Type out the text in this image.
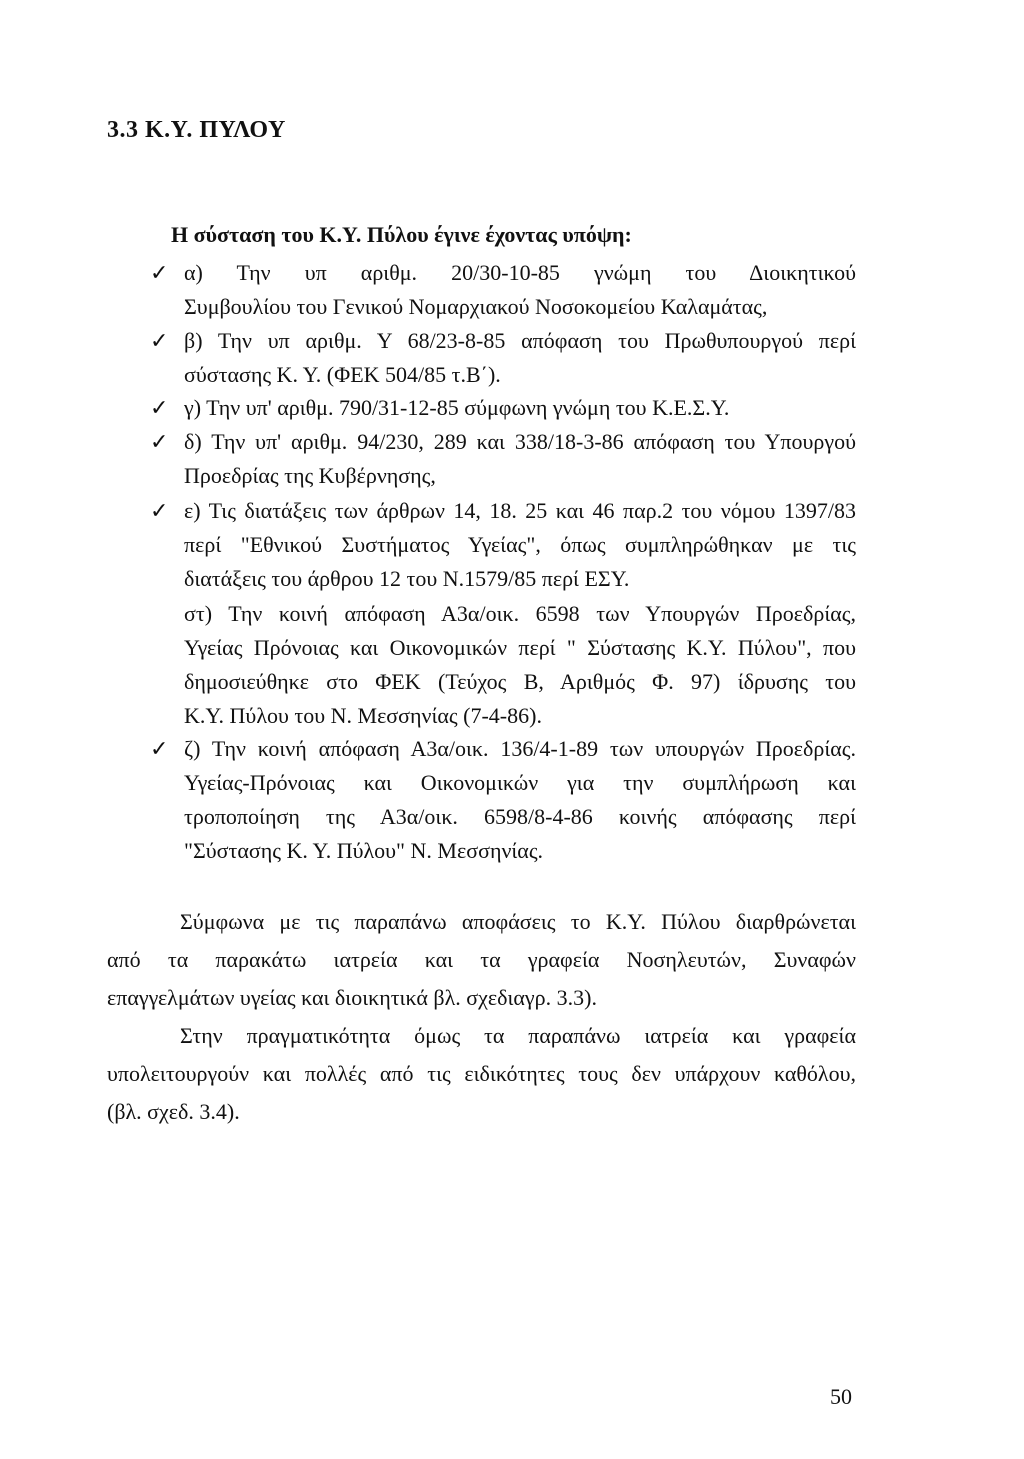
3.3 Κ.Υ. ΠΥΛΟΥ
Η σύσταση του Κ.Υ. Πύλου έγινε έχοντας υπόψη:
✓ α) Την υπ αριθμ. 20/30-10-85 γνώμη του Διοικητικού
Συμβουλίου του Γενικού Νομαρχιακού Νοσοκομείου Καλαμάτας,
✓ β) Την υπ αριθμ. Υ 68/23-8-85 απόφαση του Πρωθυπουργού περί
σύστασης Κ. Υ. (ΦΕΚ 504/85 τ.Β΄).
✓ γ) Την υπ' αριθμ. 790/31-12-85 σύμφωνη γνώμη του Κ.Ε.Σ.Υ.
✓ δ) Την υπ' αριθμ. 94/230, 289 και 338/18-3-86 απόφαση του Υπουργού
Προεδρίας της Κυβέρνησης,
✓ ε) Τις διατάξεις των άρθρων 14, 18. 25 και 46 παρ.2 του νόμου 1397/83
περί "Εθνικού Συστήματος Υγείας", όπως συμπληρώθηκαν με τις
διατάξεις του άρθρου 12 του Ν.1579/85 περί ΕΣΥ.
στ) Την κοινή απόφαση Α3α/οικ. 6598 των Υπουργών Προεδρίας,
Υγείας Πρόνοιας και Οικονομικών περί " Σύστασης Κ.Υ. Πύλου", που
δημοσιεύθηκε στο ΦΕΚ (Τεύχος Β, Αριθμός Φ. 97) ίδρυσης του
Κ.Υ. Πύλου του Ν. Μεσσηνίας (7-4-86).
✓ ζ) Την κοινή απόφαση Α3α/οικ. 136/4-1-89 των υπουργών Προεδρίας.
Υγείας-Πρόνοιας και Οικονομικών για την συμπλήρωση και
τροποποίηση της Α3α/οικ. 6598/8-4-86 κοινής απόφασης περί
"Σύστασης Κ. Υ. Πύλου" Ν. Μεσσηνίας.
Σύμφωνα με τις παραπάνω αποφάσεις το Κ.Υ. Πύλου διαρθρώνεται
από τα παρακάτω ιατρεία και τα γραφεία Νοσηλευτών, Συναφών
επαγγελμάτων υγείας και διοικητικά βλ. σχεδιαγρ. 3.3).
Στην πραγματικότητα όμως τα παραπάνω ιατρεία και γραφεία
υπολειτουργούν και πολλές από τις ειδικότητες τους δεν υπάρχουν καθόλου,
(βλ. σχεδ. 3.4).
50
